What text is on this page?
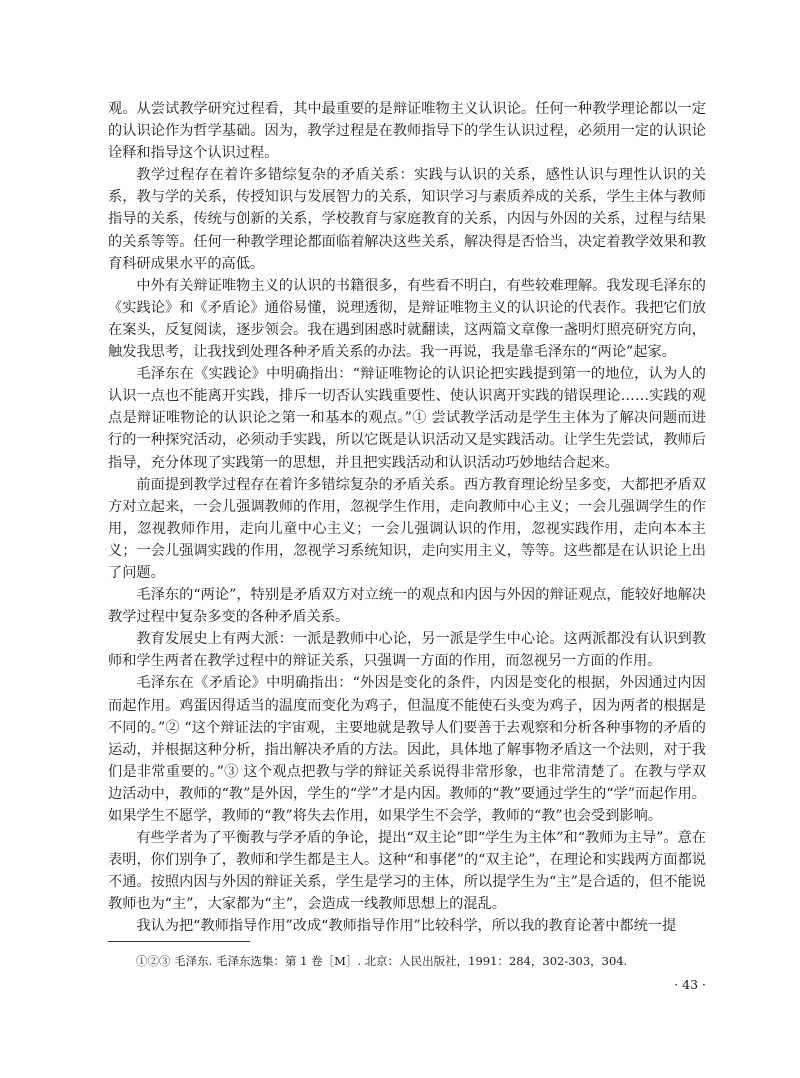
观。从尝试教学研究过程看，其中最重要的是辩证唯物主义认识论。任何一种教学理论都以一定的认识论作为哲学基础。因为，教学过程是在教师指导下的学生认识过程，必须用一定的认识论诠释和指导这个认识过程。

教学过程存在着许多错综复杂的矛盾关系：实践与认识的关系，感性认识与理性认识的关系，教与学的关系，传授知识与发展智力的关系，知识学习与素质养成的关系，学生主体与教师指导的关系，传统与创新的关系，学校教育与家庭教育的关系，内因与外因的关系，过程与结果的关系等等。任何一种教学理论都面临着解决这些关系，解决得是否恰当，决定着教学效果和教育科研成果水平的高低。

中外有关辩证唯物主义的认识的书籍很多，有些看不明白，有些较难理解。我发现毛泽东的《实践论》和《矛盾论》通俗易懂，说理透彻，是辩证唯物主义的认识论的代表作。我把它们放在案头，反复阅读，逐步领会。我在遇到困惑时就翻读，这两篇文章像一盏明灯照亮研究方向，触发我思考，让我找到处理各种矛盾关系的办法。我一再说，我是靠毛泽东的“两论”起家。

毛泽东在《实践论》中明确指出：“辩证唯物论的认识论把实践提到第一的地位，认为人的认识一点也不能离开实践，排斥一切否认实践重要性、使认识离开实践的错误理论……实践的观点是辩证唯物论的认识论之第一和基本的观点。”① 尝试教学活动是学生主体为了解决问题而进行的一种探究活动，必须动手实践，所以它既是认识活动又是实践活动。让学生先尝试，教师后指导，充分体现了实践第一的思想，并且把实践活动和认识活动巧妙地结合起来。

前面提到教学过程存在着许多错综复杂的矛盾关系。西方教育理论纷呈多变，大都把矛盾双方对立起来，一会儿强调教师的作用，忽视学生作用，走向教师中心主义；一会儿强调学生的作用，忽视教师作用，走向儿童中心主义；一会儿强调认识的作用，忽视实践作用，走向本本主义；一会儿强调实践的作用，忽视学习系统知识，走向实用主义，等等。这些都是在认识论上出了问题。

毛泽东的“两论”，特别是矛盾双方对立统一的观点和内因与外因的辩证观点，能较好地解决教学过程中复杂多变的各种矛盾关系。

教育发展史上有两大派：一派是教师中心论，另一派是学生中心论。这两派都没有认识到教师和学生两者在教学过程中的辩证关系，只强调一方面的作用，而忽视另一方面的作用。

毛泽东在《矛盾论》中明确指出：“外因是变化的条件，内因是变化的根据，外因通过内因而起作用。鸡蛋因得适当的温度而变化为鸡子，但温度不能使石头变为鸡子，因为两者的根据是不同的。”② “这个辩证法的宇宙观，主要地就是教导人们要善于去观察和分析各种事物的矛盾的运动，并根据这种分析，指出解决矛盾的方法。因此，具体地了解事物矛盾这一个法则，对于我们是非常重要的。”③ 这个观点把教与学的辩证关系说得非常形象，也非常清楚了。在教与学双边活动中，教师的“教”是外因，学生的“学”才是内因。教师的“教”要通过学生的“学”而起作用。如果学生不愿学，教师的“教”将失去作用，如果学生不会学，教师的“教”也会受到影响。

有些学者为了平衡教与学矛盾的争论，提出“双主论”即“学生为主体”和“教师为主导”。意在表明，你们别争了，教师和学生都是主人。这种“和事佬”的“双主论”，在理论和实践两方面都说不通。按照内因与外因的辩证关系，学生是学习的主体，所以提学生为“主”是合适的，但不能说教师也为“主”，大家都为“主”，会造成一线教师思想上的混乱。

我认为把“教师指导作用”改成“教师指导作用”比较科学，所以我的教育论著中都统一提

①②③ 毛泽东. 毛泽东选集：第 1 卷［M］. 北京：人民出版社，1991：284，302-303，304.
· 43 ·
